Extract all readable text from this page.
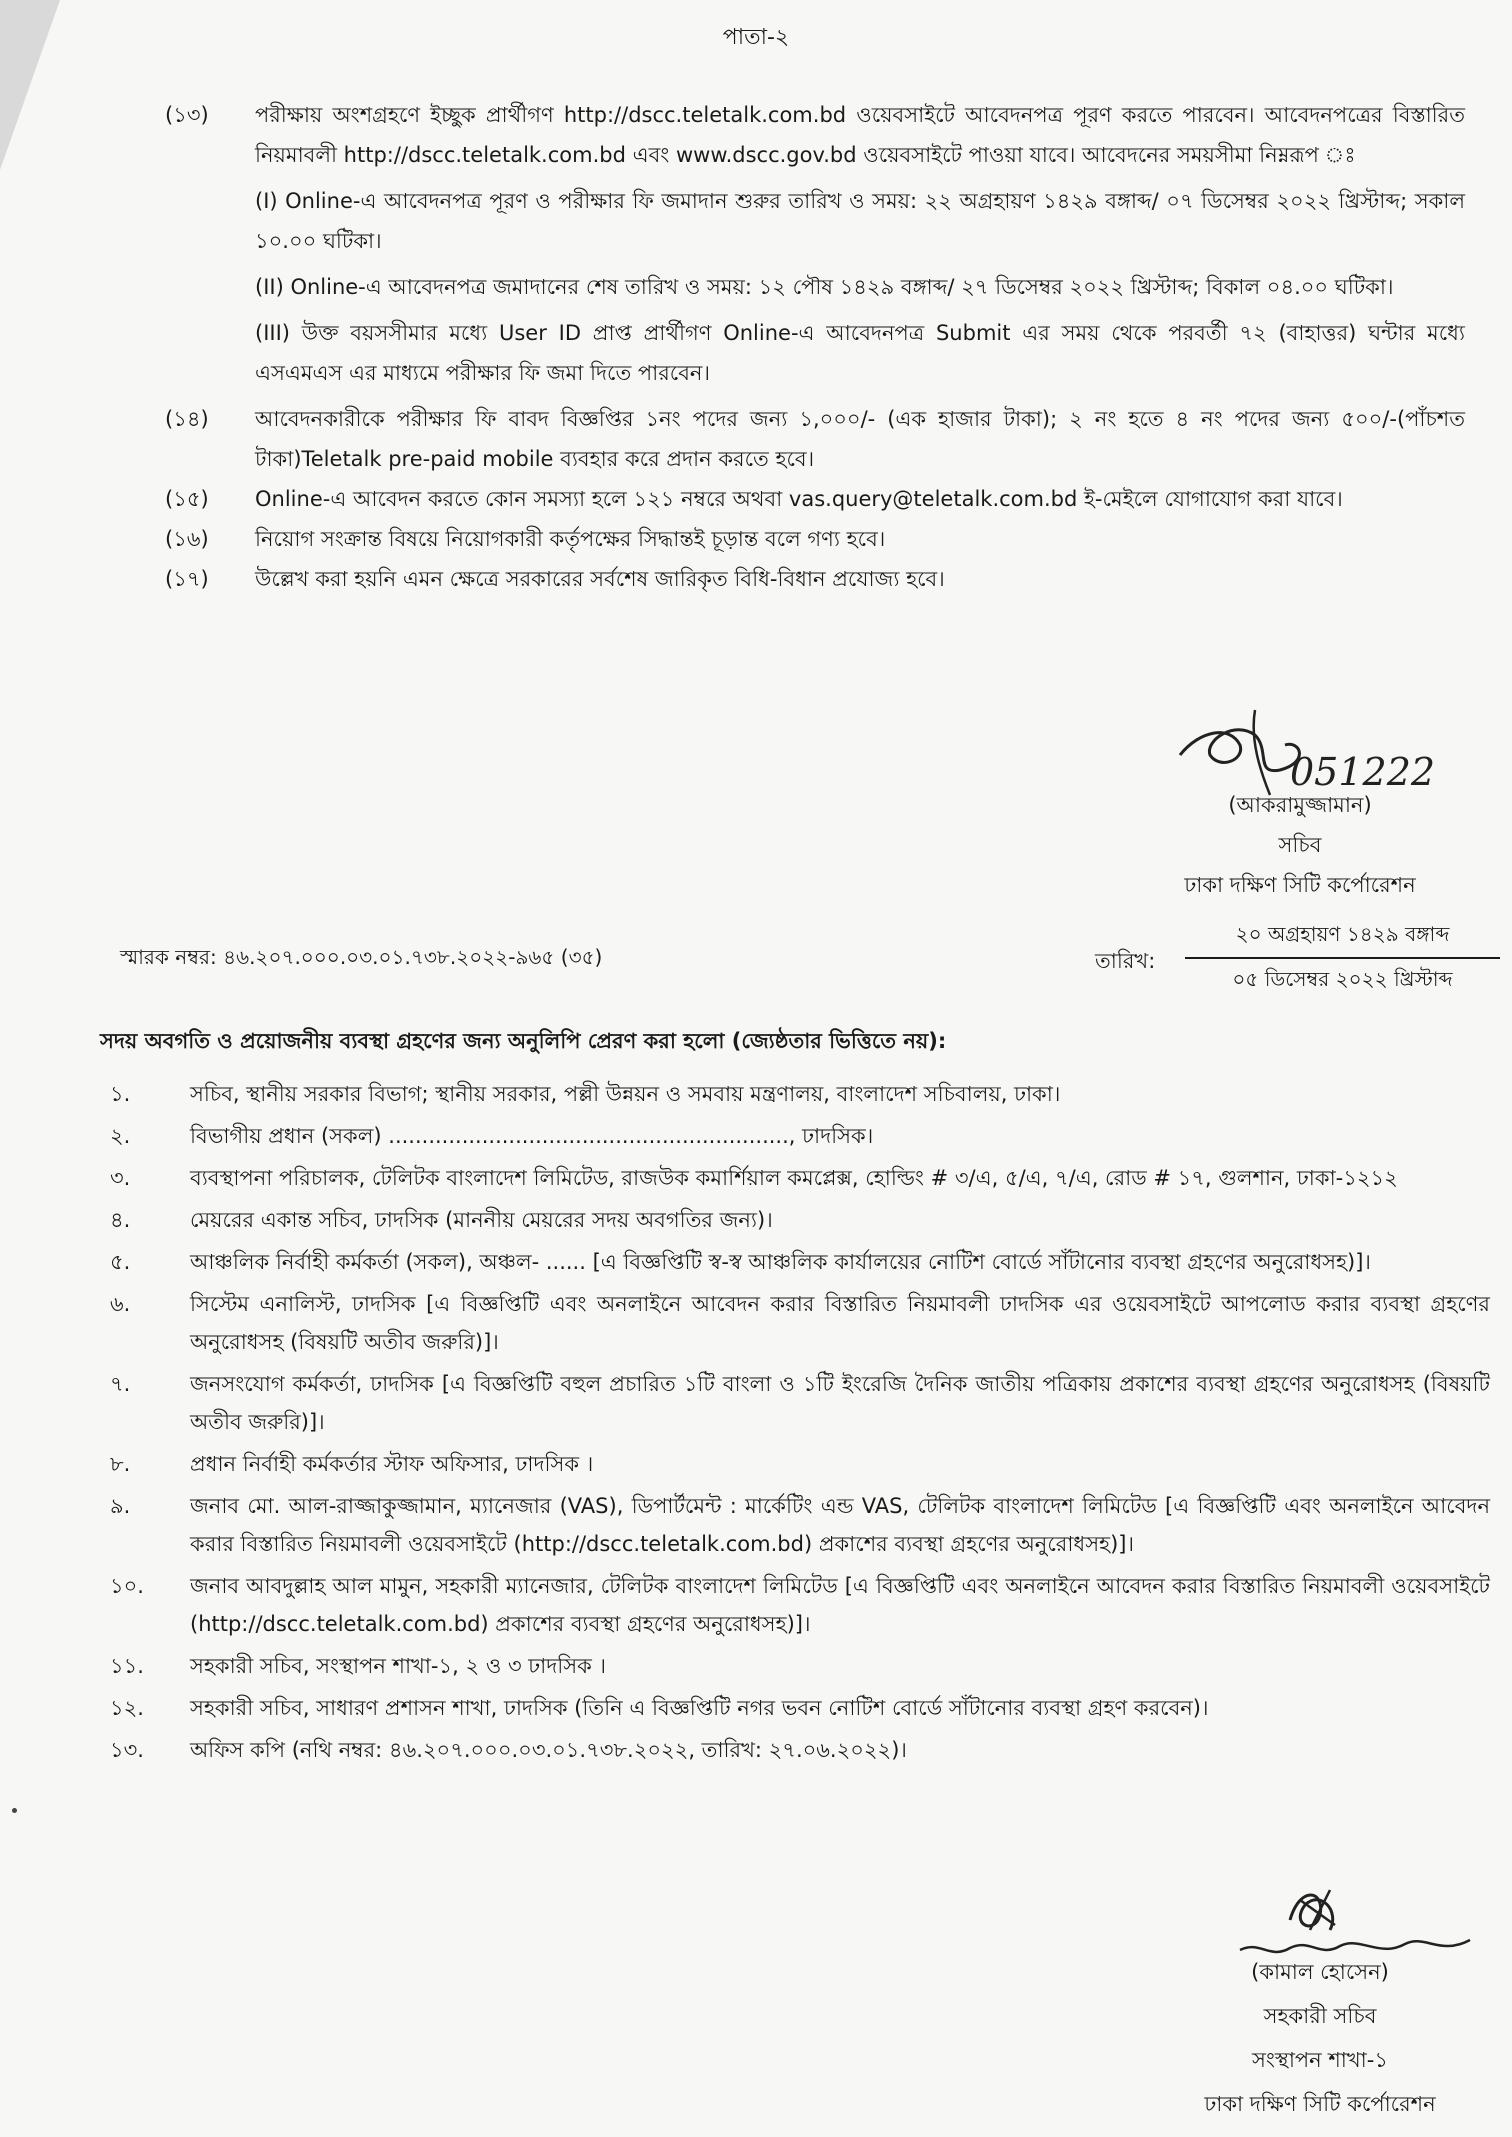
পাতা-২
(১৩)	পরীক্ষায় অংশগ্রহণে ইচ্ছুক প্রার্থীগণ http://dscc.teletalk.com.bd ওয়েবসাইটে আবেদনপত্র পূরণ করতে পারবেন। আবেদনপত্রের বিস্তারিত নিয়মাবলী http://dscc.teletalk.com.bd এবং www.dscc.gov.bd ওয়েবসাইটে পাওয়া যাবে। আবেদনের সময়সীমা নিম্নরূপ ঃ
(I) Online-এ আবেদনপত্র পূরণ ও পরীক্ষার ফি জমাদান শুরুর তারিখ ও সময়: ২২ অগ্রহায়ণ ১৪২৯ বঙ্গাব্দ/ ০৭ ডিসেম্বর ২০২২ খ্রিস্টাব্দ; সকাল ১০.০০ ঘটিকা।
(II) Online-এ আবেদনপত্র জমাদানের শেষ তারিখ ও সময়: ১২ পৌষ ১৪২৯ বঙ্গাব্দ/ ২৭ ডিসেম্বর ২০২২ খ্রিস্টাব্দ; বিকাল ০৪.০০ ঘটিকা।
(III) উক্ত বয়সসীমার মধ্যে User ID প্রাপ্ত প্রার্থীগণ Online-এ আবেদনপত্র Submit এর সময় থেকে পরবর্তী ৭২ (বাহাত্তর) ঘন্টার মধ্যে এসএমএস এর মাধ্যমে পরীক্ষার ফি জমা দিতে পারবেন।
(১৪)	আবেদনকারীকে পরীক্ষার ফি বাবদ বিজ্ঞপ্তির ১নং পদের জন্য ১,০০০/- (এক হাজার টাকা); ২ নং হতে ৪ নং পদের জন্য ৫০০/-(পাঁচশত টাকা)Teletalk pre-paid mobile ব্যবহার করে প্রদান করতে হবে।
(১৫)	Online-এ আবেদন করতে কোন সমস্যা হলে ১২১ নম্বরে অথবা vas.query@teletalk.com.bd ই-মেইলে যোগাযোগ করা যাবে।
(১৬)	নিয়োগ সংক্রান্ত বিষয়ে নিয়োগকারী কর্তৃপক্ষের সিদ্ধান্তই চূড়ান্ত বলে গণ্য হবে।
(১৭)	উল্লেখ করা হয়নি এমন ক্ষেত্রে সরকারের সর্বশেষ জারিকৃত বিধি-বিধান প্রযোজ্য হবে।
051222
(আকরামুজ্জামান)
সচিব
ঢাকা দক্ষিণ সিটি কর্পোরেশন
স্মারক নম্বর: ৪৬.২০৭.০০০.০৩.০১.৭৩৮.২০২২-৯৬৫ (৩৫)	তারিখ:
২০ অগ্রহায়ণ ১৪২৯ বঙ্গাব্দ
০৫ ডিসেম্বর ২০২২ খ্রিস্টাব্দ
সদয় অবগতি ও প্রয়োজনীয় ব্যবস্থা গ্রহণের জন্য অনুলিপি প্রেরণ করা হলো (জ্যেষ্ঠতার ভিত্তিতে নয়):
১.	সচিব, স্থানীয় সরকার বিভাগ; স্থানীয় সরকার, পল্লী উন্নয়ন ও সমবায় মন্ত্রণালয়, বাংলাদেশ সচিবালয়, ঢাকা।
২.	বিভাগীয় প্রধান (সকল) ............................................................, ঢাদসিক।
৩.	ব্যবস্থাপনা পরিচালক, টেলিটক বাংলাদেশ লিমিটেড, রাজউক কমার্শিয়াল কমপ্লেক্স, হোল্ডিং # ৩/এ, ৫/এ, ৭/এ, রোড # ১৭, গুলশান, ঢাকা-১২১২
৪.	মেয়রের একান্ত সচিব, ঢাদসিক (মাননীয় মেয়রের সদয় অবগতির জন্য)।
৫.	আঞ্চলিক নির্বাহী কর্মকর্তা (সকল), অঞ্চল- ...... [এ বিজ্ঞপ্তিটি স্ব-স্ব আঞ্চলিক কার্যালয়ের নোটিশ বোর্ডে সাঁটানোর ব্যবস্থা গ্রহণের অনুরোধসহ)]।
৬.	সিস্টেম এনালিস্ট, ঢাদসিক [এ বিজ্ঞপ্তিটি এবং অনলাইনে আবেদন করার বিস্তারিত নিয়মাবলী ঢাদসিক এর ওয়েবসাইটে আপলোড করার ব্যবস্থা গ্রহণের অনুরোধসহ (বিষয়টি অতীব জরুরি)]।
৭.	জনসংযোগ কর্মকর্তা, ঢাদসিক [এ বিজ্ঞপ্তিটি বহুল প্রচারিত ১টি বাংলা ও ১টি ইংরেজি দৈনিক জাতীয় পত্রিকায় প্রকাশের ব্যবস্থা গ্রহণের অনুরোধসহ (বিষয়টি অতীব জরুরি)]।
৮.	প্রধান নির্বাহী কর্মকর্তার স্টাফ অফিসার, ঢাদসিক ।
৯.	জনাব মো. আল-রাজ্জাকুজ্জামান, ম্যানেজার (VAS), ডিপার্টমেন্ট : মার্কেটিং এন্ড VAS, টেলিটক বাংলাদেশ লিমিটেড [এ বিজ্ঞপ্তিটি এবং অনলাইনে আবেদন করার বিস্তারিত নিয়মাবলী ওয়েবসাইটে (http://dscc.teletalk.com.bd) প্রকাশের ব্যবস্থা গ্রহণের অনুরোধসহ)]।
১০.	জনাব আবদুল্লাহ আল মামুন, সহকারী ম্যানেজার, টেলিটক বাংলাদেশ লিমিটেড [এ বিজ্ঞপ্তিটি এবং অনলাইনে আবেদন করার বিস্তারিত নিয়মাবলী ওয়েবসাইটে (http://dscc.teletalk.com.bd) প্রকাশের ব্যবস্থা গ্রহণের অনুরোধসহ)]।
১১.	সহকারী সচিব, সংস্থাপন শাখা-১, ২ ও ৩ ঢাদসিক ।
১২.	সহকারী সচিব, সাধারণ প্রশাসন শাখা, ঢাদসিক (তিনি এ বিজ্ঞপ্তিটি নগর ভবন নোটিশ বোর্ডে সাঁটানোর ব্যবস্থা গ্রহণ করবেন)।
১৩.	অফিস কপি (নথি নম্বর: ৪৬.২০৭.০০০.০৩.০১.৭৩৮.২০২২, তারিখ: ২৭.০৬.২০২২)।
(কামাল হোসেন)
সহকারী সচিব
সংস্থাপন শাখা-১
ঢাকা দক্ষিণ সিটি কর্পোরেশন
